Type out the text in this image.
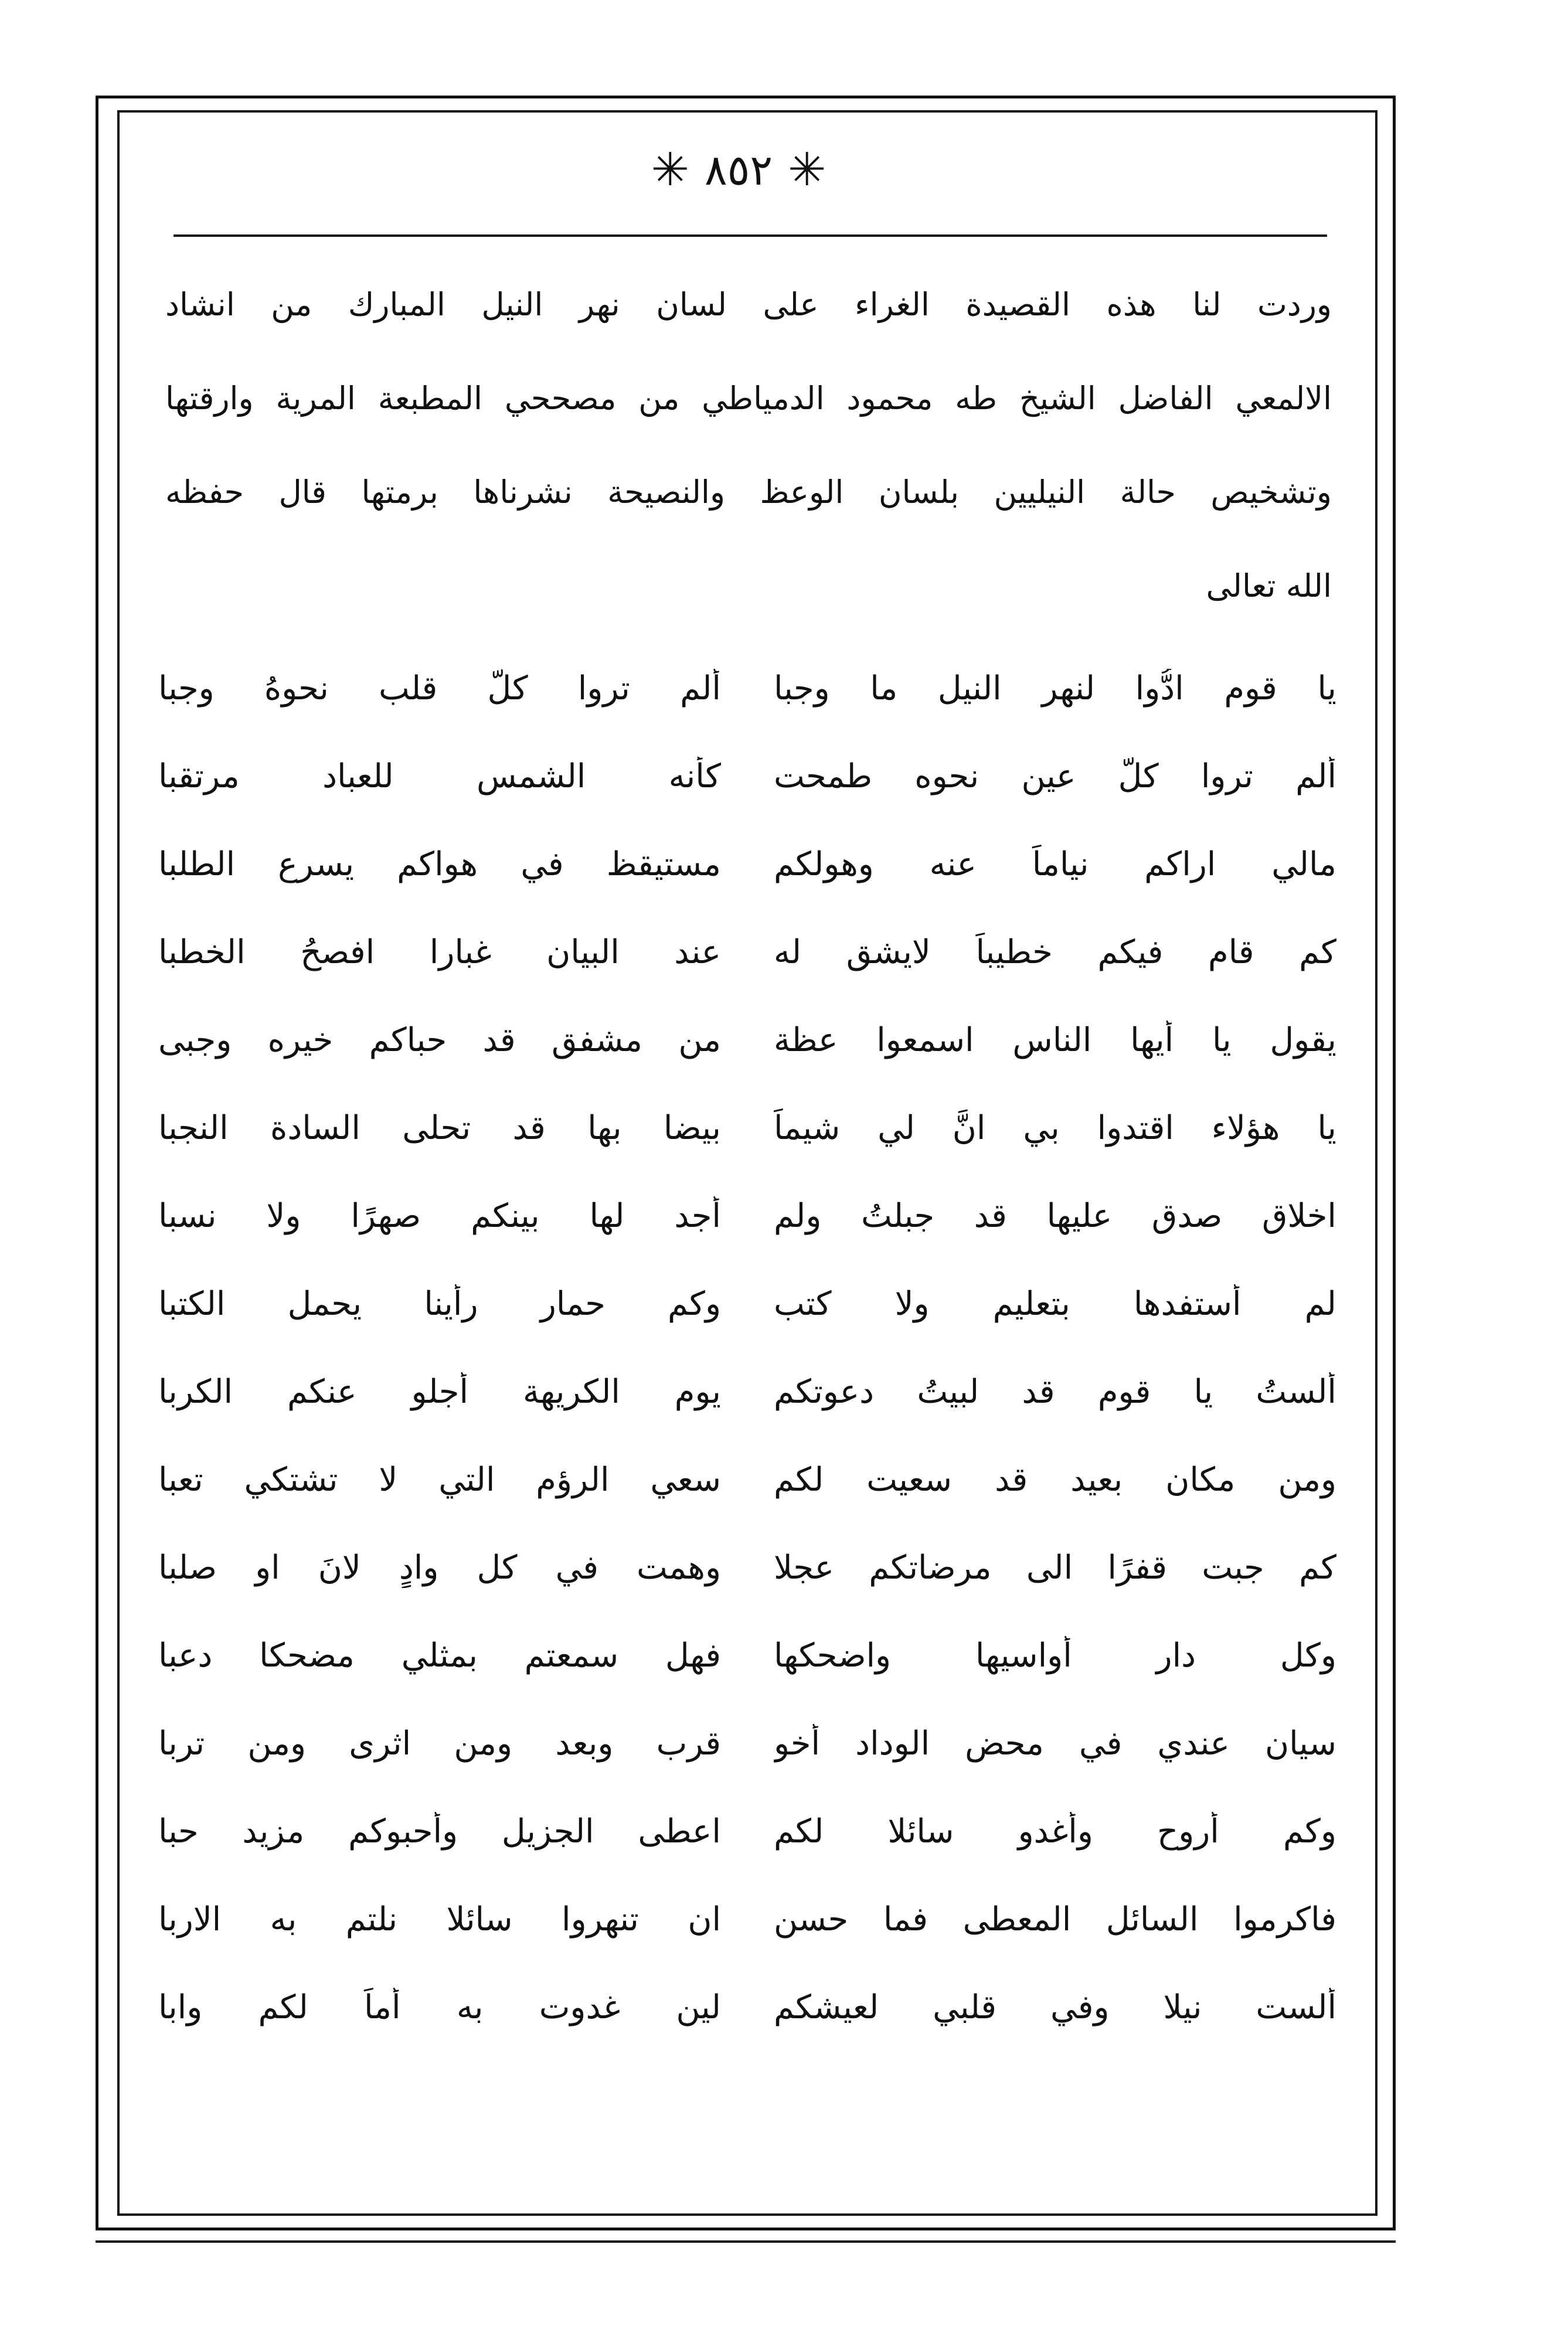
✳ ٨٥٢ ✳
وردت لنا هذه القصيدة الغراء على لسان نهر النيل المبارك من انشاد
الالمعي الفاضل الشيخ طه محمود الدمياطي من مصححي المطبعة المرية وارقتها
وتشخيص حالة النيليين بلسان الوعظ والنصيحة نشرناها برمتها قال حفظه
الله تعالى
يا قوم ادُّوا لنهر النيل ما وجبا
ألم تروا كلَّ قلب نحوهُ وجبا
ألم تروا كلَّ عين نحوه طمحت
كأنه الشمس للعباد مرتقبا
مالي اراكم نياماً عنه وهولكم
مستيقظ في هواكم يسرع الطلبا
كم قام فيكم خطيباً لايشق له
عند البيان غبارا افصحُ الخطبا
يقول يا أيها الناس اسمعوا عظة
من مشفق قد حباكم خيره وجبى
يا هؤلاء اقتدوا بي انَّ لي شيماً
بيضا بها قد تحلى السادة النجبا
اخلاق صدق عليها قد جبلتُ ولم
أجد لها بينكم صهرًا ولا نسبا
لم أستفدها بتعليم ولا كتب
وكم حمار رأينا يحمل الكتبا
ألستُ يا قوم قد لبيتُ دعوتكم
يوم الكريهة أجلو عنكم الكربا
ومن مكان بعيد قد سعيت لكم
سعي الرؤم التي لا تشتكي تعبا
كم جبت قفرًا الى مرضاتكم عجلا
وهمت في كل وادٍ لانَ او صلبا
وكل دار أُواسيها واضحكها
فهل سمعتم بمثلي مضحكا دعبا
سيان عندي في محض الوداد أخو
قرب وبعد ومن اثرى ومن تربا
وكم أروح وأغدو سائلا لكم
اعطى الجزيل وأحبوكم مزيد حبا
فاكرموا السائل المعطى فما حسن
ان تنهروا سائلا نلتم به الاربا
ألست نيلا وفي قلبي لعيشكم
لين غدوت به أماً لكم وابا
